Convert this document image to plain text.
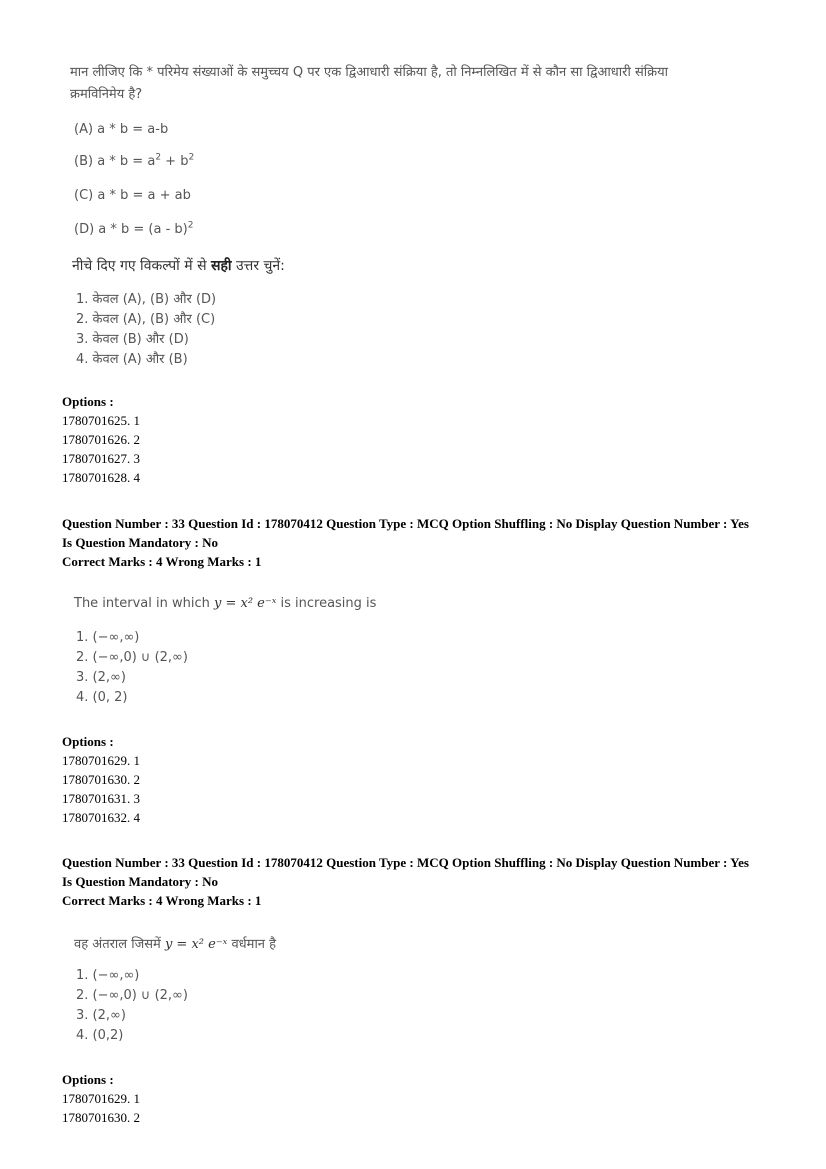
मान लीजिए कि * परिमेय संख्याओं के समुच्चय Q पर एक द्विआधारी संक्रिया है, तो निम्नलिखित में से कौन सा द्विआधारी संक्रिया
क्रमविनिमेय है?
(A) a * b = a-b
(B) $a * b = a^2 + b^2$
(C) a * b = a + ab
(D) a * b = (a - b)$^2$
नीचे दिए गए विकल्पों में से सही उत्तर चुनें:
1. केवल (A), (B) और (D)
2. केवल (A), (B) और (C)
3. केवल (B) और (D)
4. केवल (A) और (B)
Options :
1780701625. 1
1780701626. 2
1780701627. 3
1780701628. 4
Question Number : 33 Question Id : 178070412 Question Type : MCQ Option Shuffling : No Display Question Number : Yes
Is Question Mandatory : No
Correct Marks : 4 Wrong Marks : 1
The interval in which y = x² e⁻ˣ is increasing is
1. (−∞,∞)
2. (−∞,0) ∪ (2,∞)
3. (2,∞)
4. (0, 2)
Options :
1780701629. 1
1780701630. 2
1780701631. 3
1780701632. 4
Question Number : 33 Question Id : 178070412 Question Type : MCQ Option Shuffling : No Display Question Number : Yes
Is Question Mandatory : No
Correct Marks : 4 Wrong Marks : 1
वह अंतराल जिसमें y = x² e⁻ˣ वर्धमान है
1. (−∞,∞)
2. (−∞,0) ∪ (2,∞)
3. (2,∞)
4. (0,2)
Options :
1780701629. 1
1780701630. 2
